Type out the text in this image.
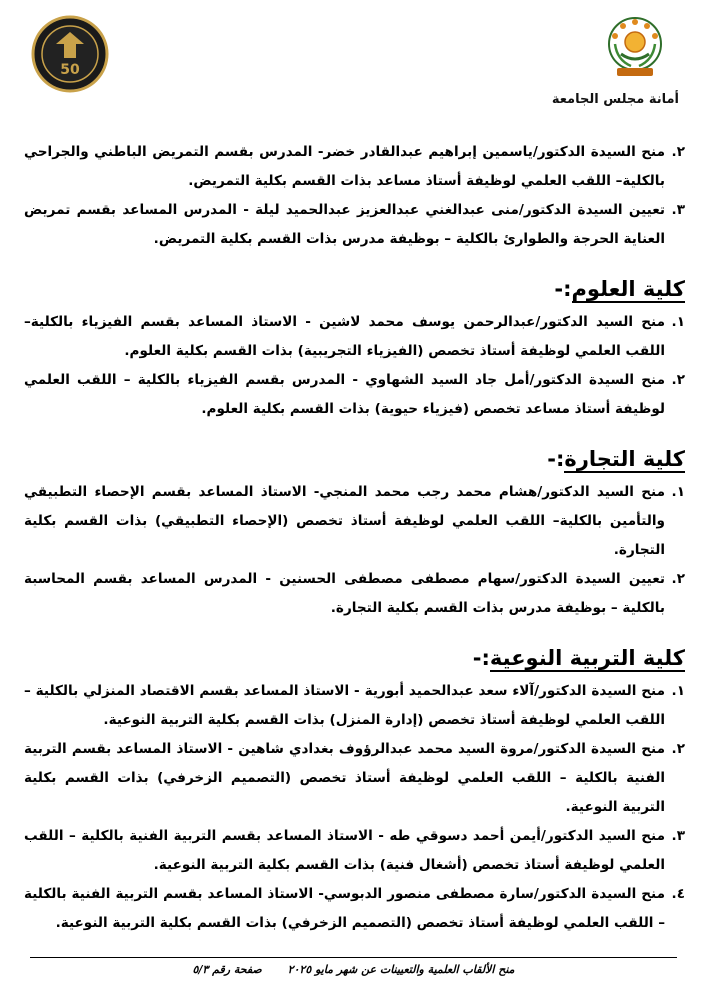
50
أمانة مجلس الجامعة

٢.
منح السيدة الدكتور/ياسمين إبراهيم عبدالقادر خضر- المدرس بقسم التمريض الباطني والجراحي بالكلية– اللقب العلمي لوظيفة أستاذ مساعد بذات القسم بكلية التمريض.

٣.
تعيين السيدة الدكتور/منى عبدالغني عبدالعزيز عبدالحميد ليلة - المدرس المساعد بقسم تمريض العناية الحرجة والطوارئ بالكلية – بوظيفة مدرس بذات القسم بكلية التمريض.

كلية العلوم:-

١.
منح السيد الدكتور/عبدالرحمن يوسف محمد لاشين - الاستاذ المساعد بقسم الفيزياء بالكلية– اللقب العلمي لوظيفة أستاذ تخصص (الفيزياء التجريبية) بذات القسم بكلية العلوم.

٢.
منح السيدة الدكتور/أمل جاد السيد الشهاوي - المدرس بقسم الفيزياء بالكلية – اللقب العلمي لوظيفة أستاذ مساعد تخصص (فيزياء حيوية) بذات القسم بكلية العلوم.

كلية التجارة:-

١.
منح السيد الدكتور/هشام محمد رجب محمد المنجي- الاستاذ المساعد بقسم الإحصاء التطبيقي والتأمين بالكلية– اللقب العلمي لوظيفة أستاذ تخصص (الإحصاء التطبيقي) بذات القسم بكلية التجارة.

٢.
تعيين السيدة الدكتور/سهام مصطفى مصطفى الحسنين - المدرس المساعد بقسم المحاسبة بالكلية – بوظيفة مدرس بذات القسم بكلية التجارة.

كلية التربية النوعية:-

١.
منح السيدة الدكتور/آلاء سعد عبدالحميد أبورية - الاستاذ المساعد بقسم الاقتصاد المنزلي بالكلية – اللقب العلمي لوظيفة أستاذ تخصص (إدارة المنزل) بذات القسم بكلية التربية النوعية.

٢.
منح السيدة الدكتور/مروة السيد محمد عبدالرؤوف بغدادي شاهين - الاستاذ المساعد بقسم التربية الفنية بالكلية – اللقب العلمي لوظيفة أستاذ تخصص (التصميم الزخرفي) بذات القسم بكلية التربية النوعية.

٣.
منح السيد الدكتور/أيمن أحمد دسوقي طه - الاستاذ المساعد بقسم التربية الفنية بالكلية – اللقب العلمي لوظيفة أستاذ تخصص (أشغال فنية) بذات القسم بكلية التربية النوعية.

٤.
منح السيدة الدكتور/سارة مصطفى منصور الدبوسي- الاستاذ المساعد بقسم التربية الفنية بالكلية – اللقب العلمي لوظيفة أستاذ تخصص (التصميم الزخرفي) بذات القسم بكلية التربية النوعية.

منح الألقاب العلمية والتعيينات عن شهر مايو ٢٠٢٥ صفحة رقم ٥/٣
